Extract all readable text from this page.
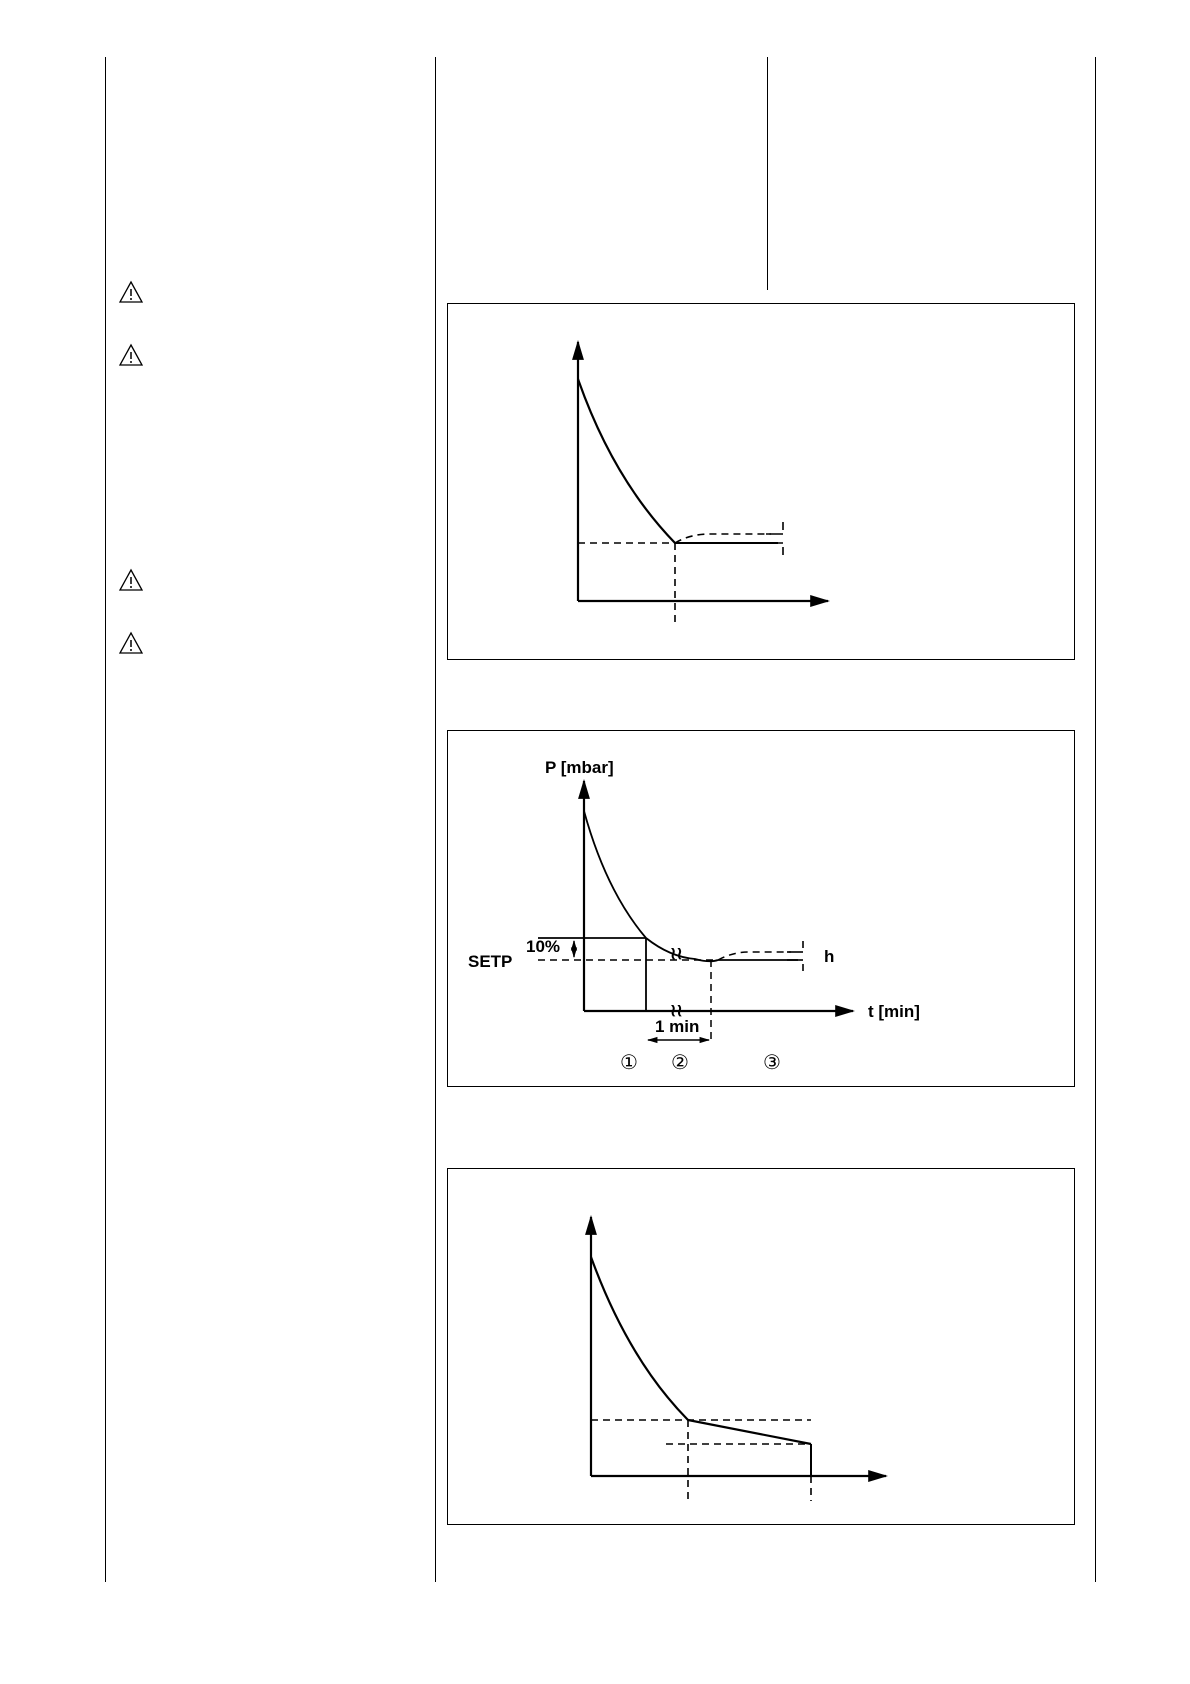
P [mbar]
t [min]
≀≀
SETP
10%
h
≀≀
1 min
① ②	③
